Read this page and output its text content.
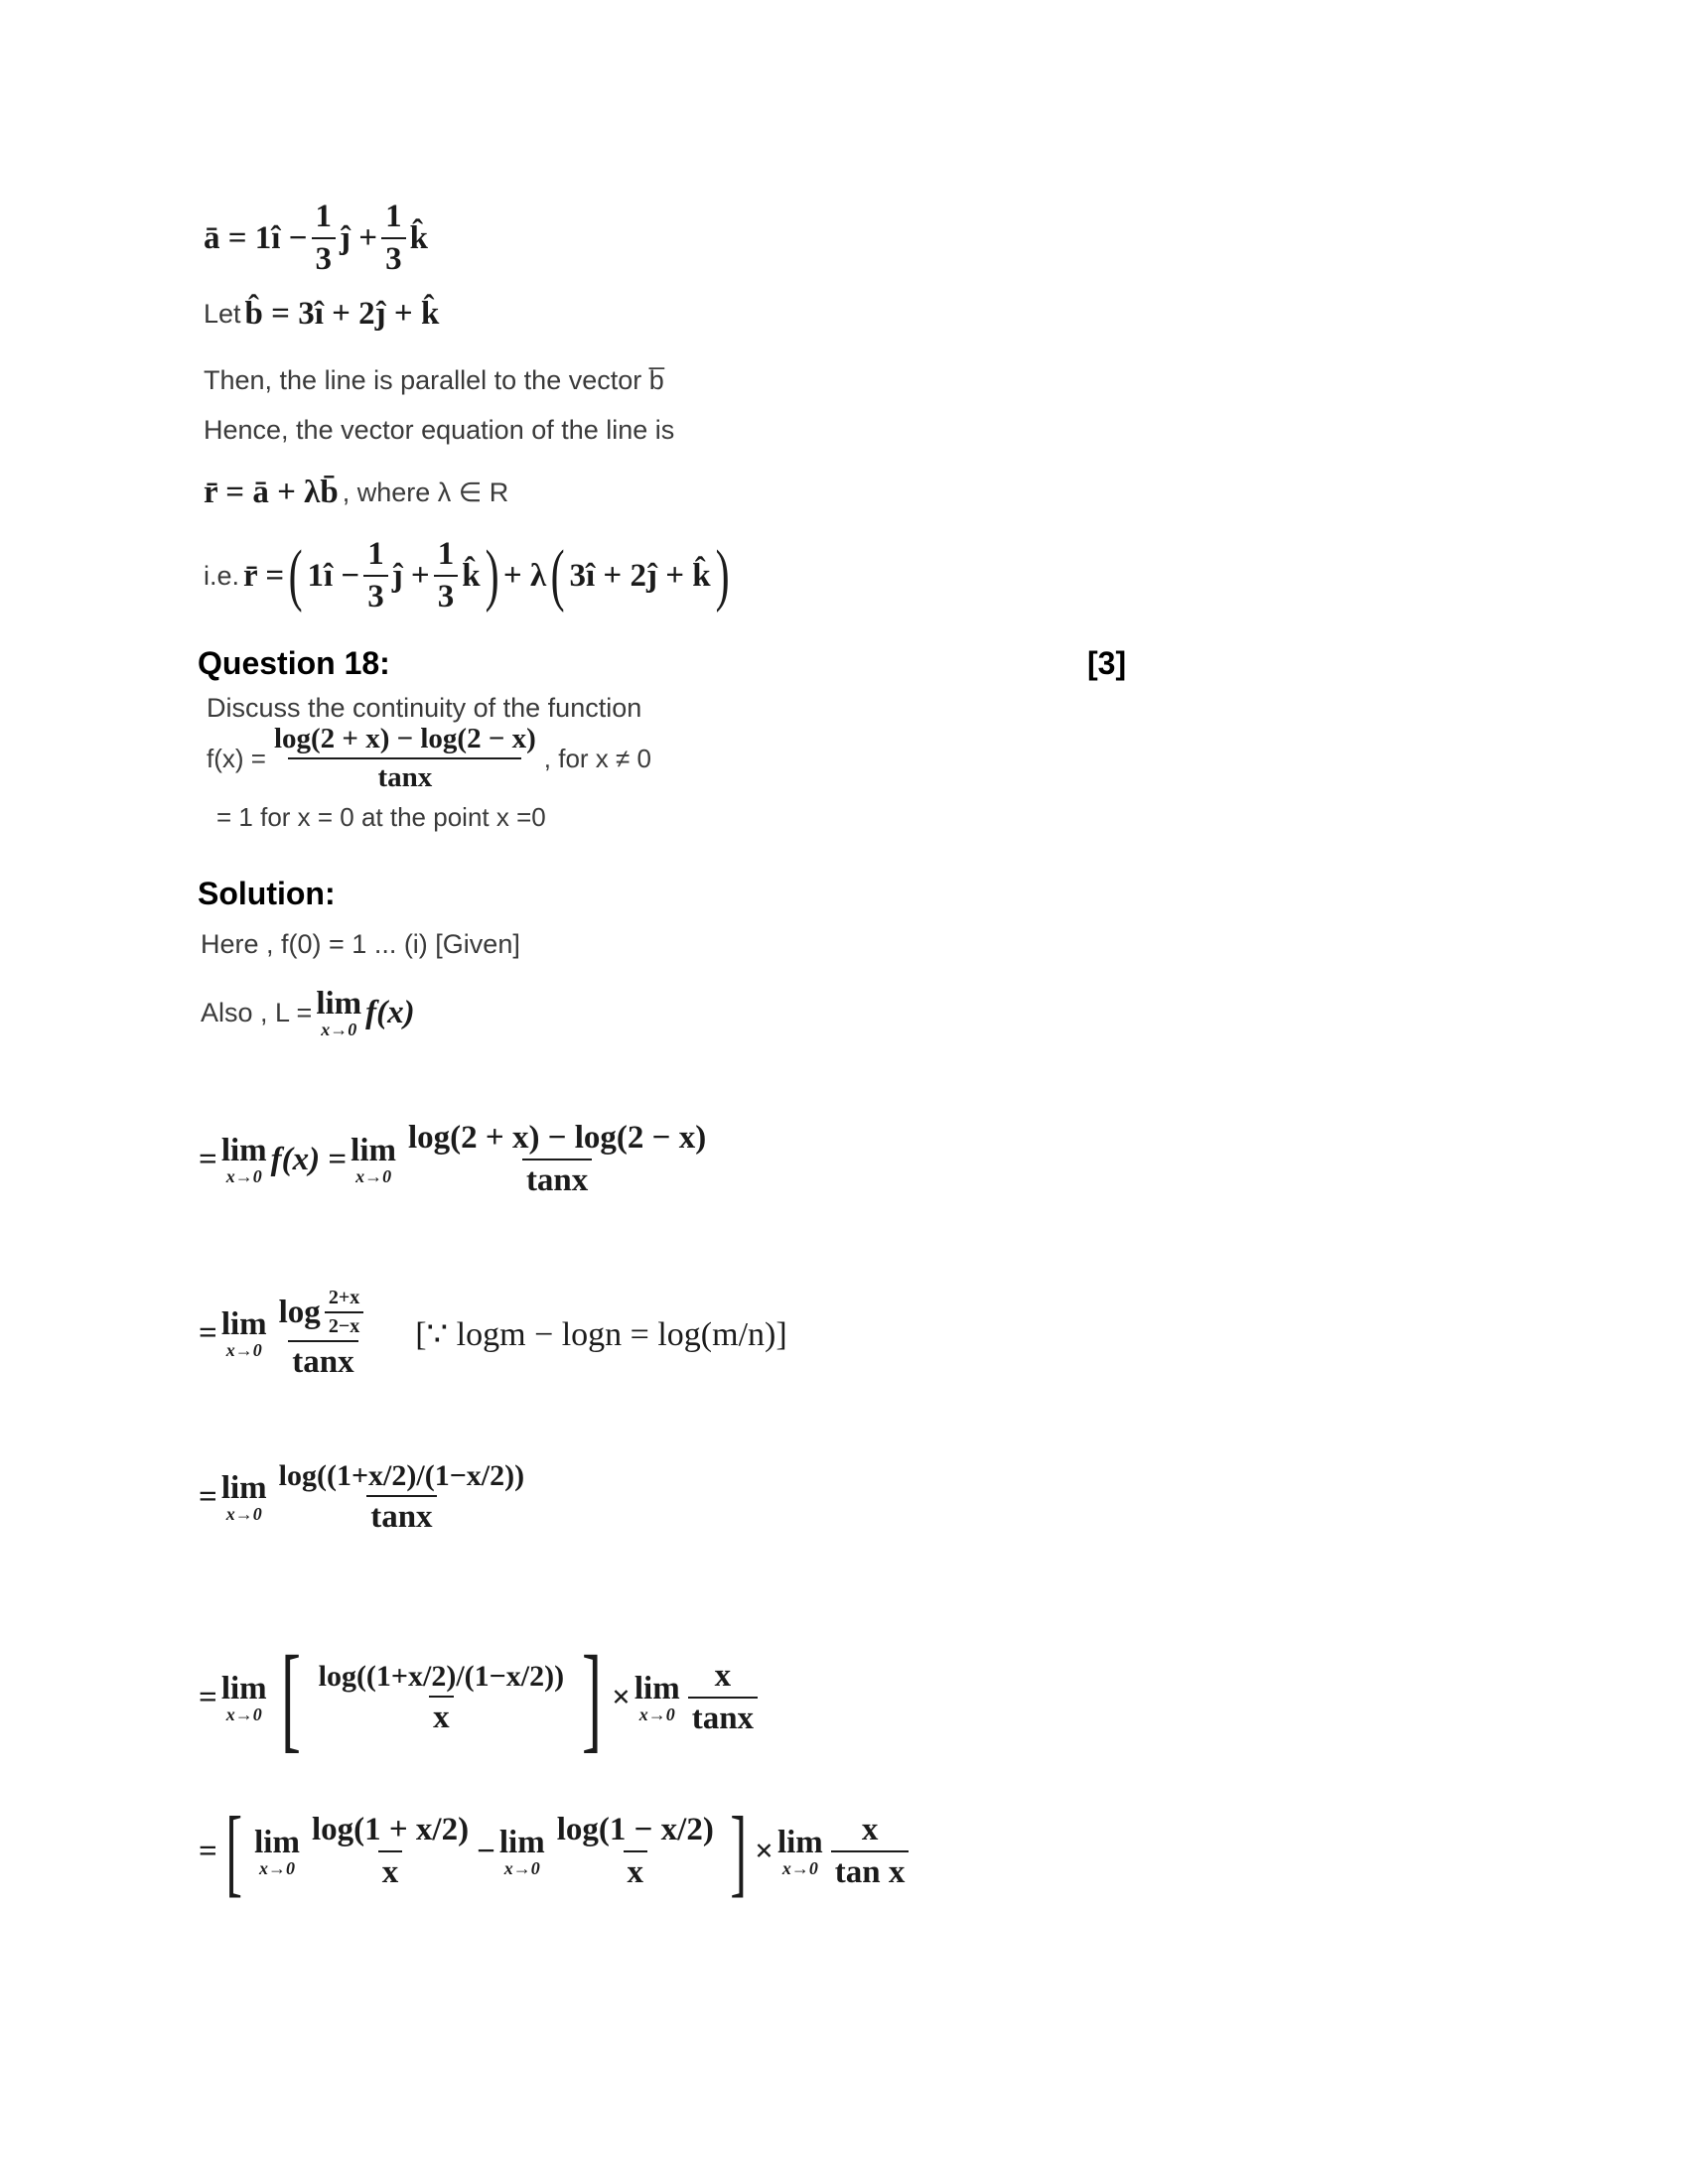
ā = 1î − $\frac{1}{3}$ ĵ + $\frac{1}{3}$ k̂
Let
b̂ = 3î + 2ĵ + k̂
Then, the line is parallel to the vector b̅
Hence, the vector equation of the line is
r̄ = ā + λb̄
, where λ ∈ R
i.e.
r̄ = ( 1î − $\frac{1}{3}$ ĵ + $\frac{1}{3}$ k̂ ) + λ ( 3î + 2ĵ + k̂ )
Question 18:	[3]
Discuss the continuity of the function
$f(x) = \frac{\log(2 + x) - \log(2 - x)}{\tan x}$ , for x ≠ 0
= 1 for x = 0 at the point x =0
Solution:
Here , f(0) = 1 ... (i) [Given]
Also , L = lim
x→0 f(x)
= lim
x→0 f(x)
= lim
$x\to 0 \frac{\log(2 + x) - \log(2 - x)}{\tan x}$
= lim
$x\to 0 \frac{\log \frac{2+x}{2-x}}{\tan x}$ [∵ logm − logn = log(m/n)]
= lim
$x\to 0 \frac{\log((1+x/2)/(1-x/2))}{\tan x}$
= lim
x→0 [ $\frac{\log((1+x/2)/(1-x/2))}{x}$ ] × lim
$x\to 0 \frac{x}{\tan x}$
= [ lim
$x\to 0 \frac{\log(1 + x/2)}{x} - \lim$
$x\to 0 \frac{\log(1 - x/2)}{x}$ ] × lim
$x\to 0 \frac{x}{\text{tan x}}$
